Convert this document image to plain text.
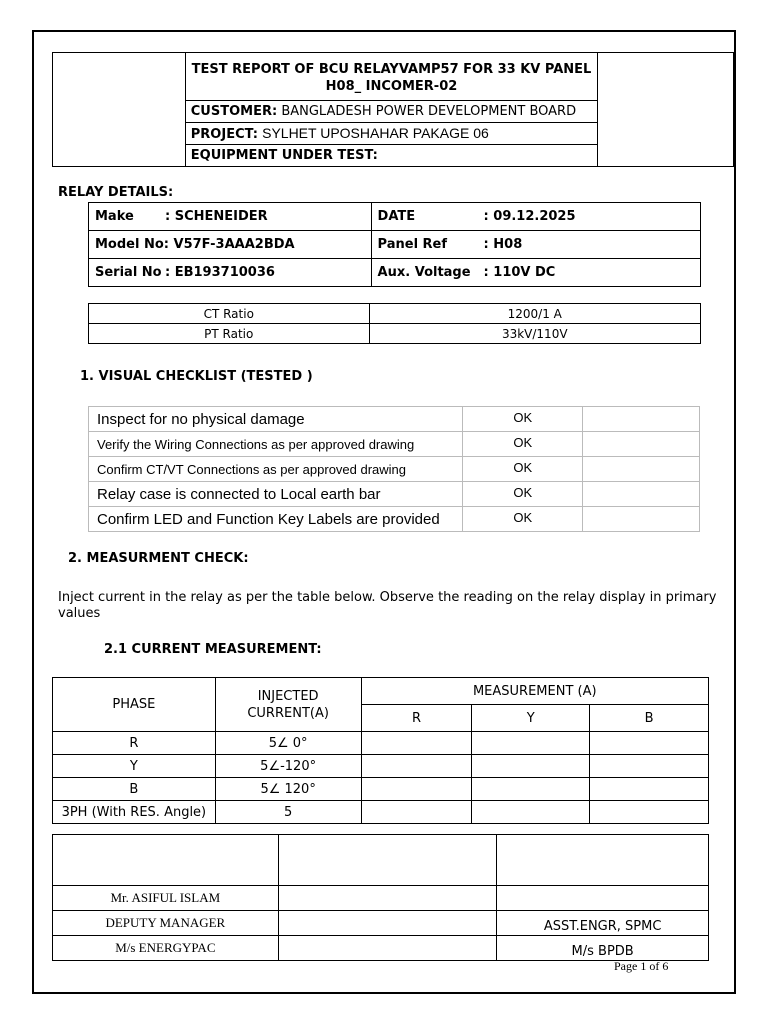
TEST REPORT OF BCU RELAYVAMP57 FOR 33 KV PANEL
H08_ INCOMER-02

CUSTOMER: BANGLADESH POWER DEVELOPMENT BOARD
PROJECT: SYLHET UPOSHAHAR PAKAGE 06
EQUIPMENT UNDER TEST:
RELAY DETAILS:
Make : SCHENEIDER	DATE : 09.12.2025
Model No: V57F-3AAA2BDA	Panel Ref : H08
Serial No : EB193710036	Aux. Voltage : 110V DC
CT Ratio	1200/1 A
PT Ratio	33kV/110V
1. VISUAL CHECKLIST (TESTED )
Inspect for no physical damage	OK	
Verify the Wiring Connections as per approved drawing	OK	
Confirm CT/VT Connections as per approved drawing	OK	
Relay case is connected to Local earth bar	OK	
Confirm LED and Function Key Labels are provided	OK	
2. MEASURMENT CHECK:
Inject current in the relay as per the table below. Observe the reading on the relay display in primary values
2.1 CURRENT MEASUREMENT:
PHASE	INJECTED CURRENT(A)	MEASUREMENT (A)		
		R	Y	B
R	5∠ 0°			
Y	5∠-120°			
B	5∠ 120°			
3PH (With RES. Angle)	5			

Mr. ASIFUL ISLAM		
DEPUTY MANAGER		ASST.ENGR, SPMC
M/s ENERGYPAC		M/s BPDB
Page 1 of 6
